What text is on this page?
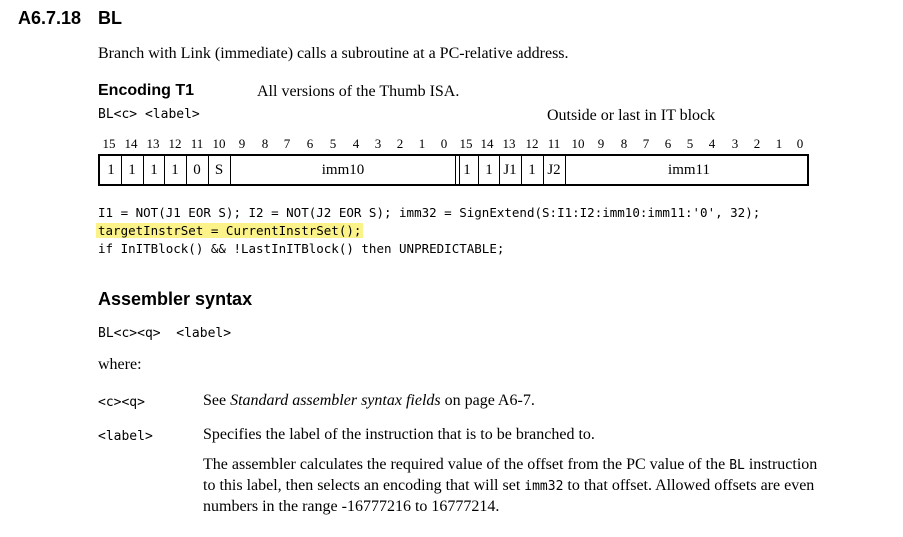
A6.7.18 BL
Branch with Link (immediate) calls a subroutine at a PC-relative address.
Encoding T1	All versions of the Thumb ISA.
BL<c> <label>	Outside or last in IT block
15 14 13 12 11 10 9 8 7 6 5 4 3 2 1 0 15 14 13 12 11 10 9 8 7 6 5 4 3 2 1 0
1 1 1 1 0 S	imm10	1 1 J1 1 J2	imm11
I1 = NOT(J1 EOR S); I2 = NOT(J2 EOR S); imm32 = SignExtend(S:I1:I2:imm10:imm11:'0', 32);
targetInstrSet = CurrentInstrSet();
if InITBlock() && !LastInITBlock() then UNPREDICTABLE;
Assembler syntax
BL<c><q>  <label>
where:
<c><q>	See Standard assembler syntax fields on page A6-7.
<label>	Specifies the label of the instruction that is to be branched to.
The assembler calculates the required value of the offset from the PC value of the BL instruction to this label, then selects an encoding that will set imm32 to that offset. Allowed offsets are even numbers in the range -16777216 to 16777214.
